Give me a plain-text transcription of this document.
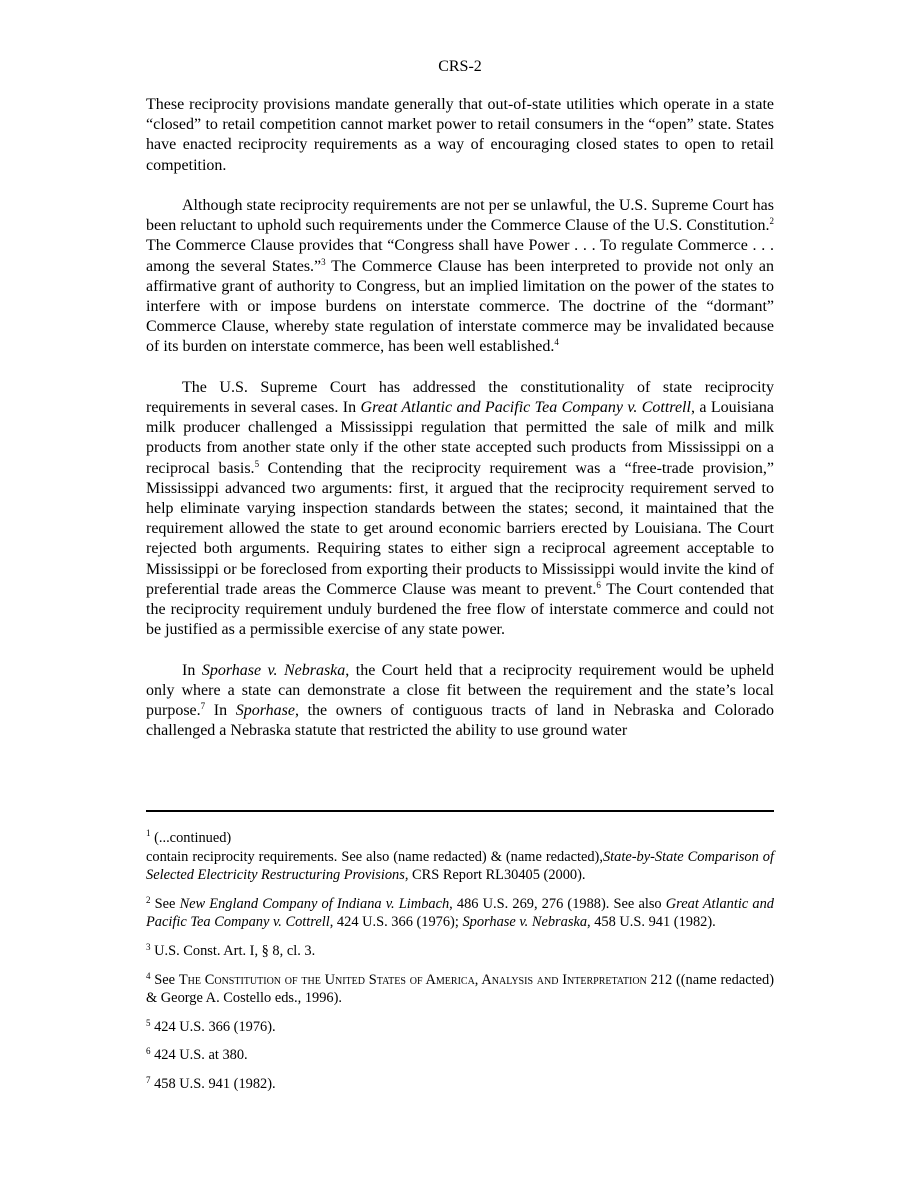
CRS-2

These reciprocity provisions mandate generally that out-of-state utilities which operate in a state “closed” to retail competition cannot market power to retail consumers in the “open” state. States have enacted reciprocity requirements as a way of encouraging closed states to open to retail competition.

Although state reciprocity requirements are not per se unlawful, the U.S. Supreme Court has been reluctant to uphold such requirements under the Commerce Clause of the U.S. Constitution.$^2$ The Commerce Clause provides that “Congress shall have Power . . . To regulate Commerce . . . among the several States.”$^3$ The Commerce Clause has been interpreted to provide not only an affirmative grant of authority to Congress, but an implied limitation on the power of the states to interfere with or impose burdens on interstate commerce. The doctrine of the “dormant” Commerce Clause, whereby state regulation of interstate commerce may be invalidated because of its burden on interstate commerce, has been well established.$^4$

The U.S. Supreme Court has addressed the constitutionality of state reciprocity requirements in several cases. In Great Atlantic and Pacific Tea Company v. Cottrell, a Louisiana milk producer challenged a Mississippi regulation that permitted the sale of milk and milk products from another state only if the other state accepted such products from Mississippi on a reciprocal basis.$^5$ Contending that the reciprocity requirement was a “free-trade provision,” Mississippi advanced two arguments: first, it argued that the reciprocity requirement served to help eliminate varying inspection standards between the states; second, it maintained that the requirement allowed the state to get around economic barriers erected by Louisiana. The Court rejected both arguments. Requiring states to either sign a reciprocal agreement acceptable to Mississippi or be foreclosed from exporting their products to Mississippi would invite the kind of preferential trade areas the Commerce Clause was meant to prevent.$^6$ The Court contended that the reciprocity requirement unduly burdened the free flow of interstate commerce and could not be justified as a permissible exercise of any state power.

In Sporhase v. Nebraska, the Court held that a reciprocity requirement would be upheld only where a state can demonstrate a close fit between the requirement and the state’s local purpose.$^7$ In Sporhase, the owners of contiguous tracts of land in Nebraska and Colorado challenged a Nebraska statute that restricted the ability to use ground water

$^1$ (...continued)
contain reciprocity requirements. See also (name redacted) & (name redacted),State-by-State Comparison of Selected Electricity Restructuring Provisions, CRS Report RL30405 (2000).
$^2$ See New England Company of Indiana v. Limbach, 486 U.S. 269, 276 (1988). See also Great Atlantic and Pacific Tea Company v. Cottrell, 424 U.S. 366 (1976); Sporhase v. Nebraska, 458 U.S. 941 (1982).
$^3$ U.S. Const. Art. I, § 8, cl. 3.
$^4$ See The Constitution of the United States of America, Analysis and Interpretation 212 ((name redacted) & George A. Costello eds., 1996).
$^5$ 424 U.S. 366 (1976).
$^6$ 424 U.S. at 380.
$^7$ 458 U.S. 941 (1982).
